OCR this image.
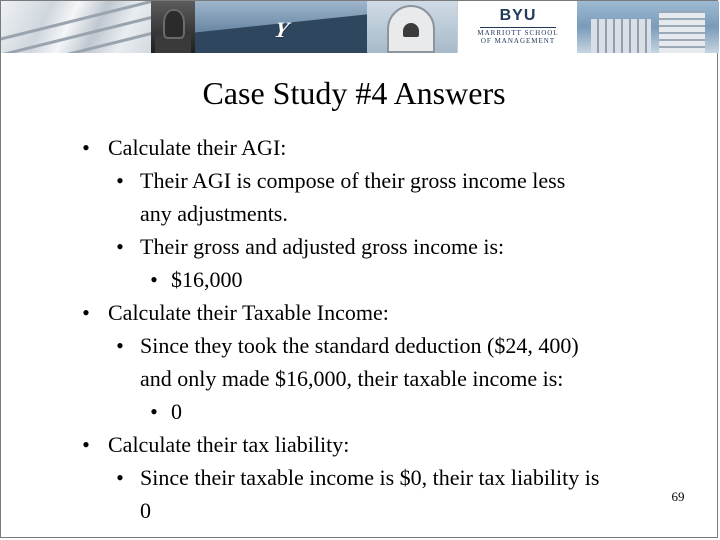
Y
BYU
MARRIOTT SCHOOL
OF MANAGEMENT
Case Study #4 Answers
• Calculate their AGI:
• Their AGI is compose of their gross income less
any adjustments.
• Their gross and adjusted gross income is:
• $16,000
• Calculate their Taxable Income:
• Since they took the standard deduction ($24, 400)
and only made $16,000, their taxable income is:
• 0
• Calculate their tax liability:
• Since their taxable income is $0, their tax liability is
0
69
